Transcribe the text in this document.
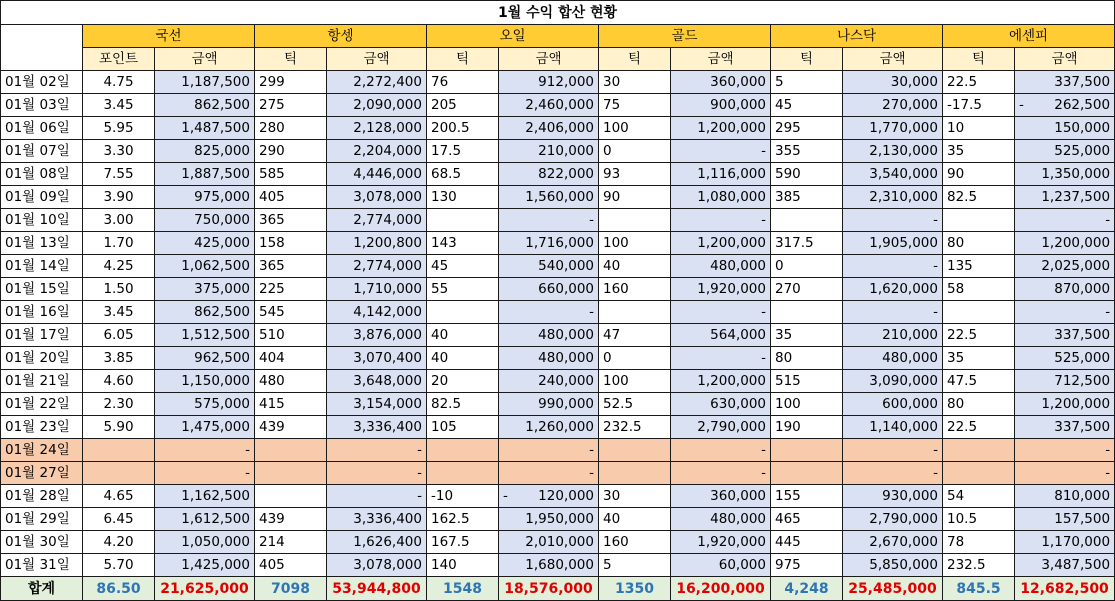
1월 수익 합산 현황												
	국선		항셍		오일		골드		나스닥		에센피	
	포인트	금액	틱	금액	틱	금액	틱	금액	틱	금액	틱	금액
01월 02일	4.75	1,187,500	299	2,272,400	76	912,000	30	360,000	5	30,000	22.5	337,500
01월 03일	3.45	862,500	275	2,090,000	205	2,460,000	75	900,000	45	270,000	-17.5	- 262,500
01월 06일	5.95	1,487,500	280	2,128,000	200.5	2,406,000	100	1,200,000	295	1,770,000	10	150,000
01월 07일	3.30	825,000	290	2,204,000	17.5	210,000	0	-	355	2,130,000	35	525,000
01월 08일	7.55	1,887,500	585	4,446,000	68.5	822,000	93	1,116,000	590	3,540,000	90	1,350,000
01월 09일	3.90	975,000	405	3,078,000	130	1,560,000	90	1,080,000	385	2,310,000	82.5	1,237,500
01월 10일	3.00	750,000	365	2,774,000		-		-		-		-
01월 13일	1.70	425,000	158	1,200,800	143	1,716,000	100	1,200,000	317.5	1,905,000	80	1,200,000
01월 14일	4.25	1,062,500	365	2,774,000	45	540,000	40	480,000	0	-	135	2,025,000
01월 15일	1.50	375,000	225	1,710,000	55	660,000	160	1,920,000	270	1,620,000	58	870,000
01월 16일	3.45	862,500	545	4,142,000		-		-		-		-
01월 17일	6.05	1,512,500	510	3,876,000	40	480,000	47	564,000	35	210,000	22.5	337,500
01월 20일	3.85	962,500	404	3,070,400	40	480,000	0	-	80	480,000	35	525,000
01월 21일	4.60	1,150,000	480	3,648,000	20	240,000	100	1,200,000	515	3,090,000	47.5	712,500
01월 22일	2.30	575,000	415	3,154,000	82.5	990,000	52.5	630,000	100	600,000	80	1,200,000
01월 23일	5.90	1,475,000	439	3,336,400	105	1,260,000	232.5	2,790,000	190	1,140,000	22.5	337,500
01월 24일		-		-		-		-		-		-
01월 27일		-		-		-		-		-		-
01월 28일	4.65	1,162,500		-	-10	- 120,000	30	360,000	155	930,000	54	810,000
01월 29일	6.45	1,612,500	439	3,336,400	162.5	1,950,000	40	480,000	465	2,790,000	10.5	157,500
01월 30일	4.20	1,050,000	214	1,626,400	167.5	2,010,000	160	1,920,000	445	2,670,000	78	1,170,000
01월 31일	5.70	1,425,000	405	3,078,000	140	1,680,000	5	60,000	975	5,850,000	232.5	3,487,500
합계	86.50	21,625,000	7098	53,944,800	1548	18,576,000	1350	16,200,000	4,248	25,485,000	845.5	12,682,500
